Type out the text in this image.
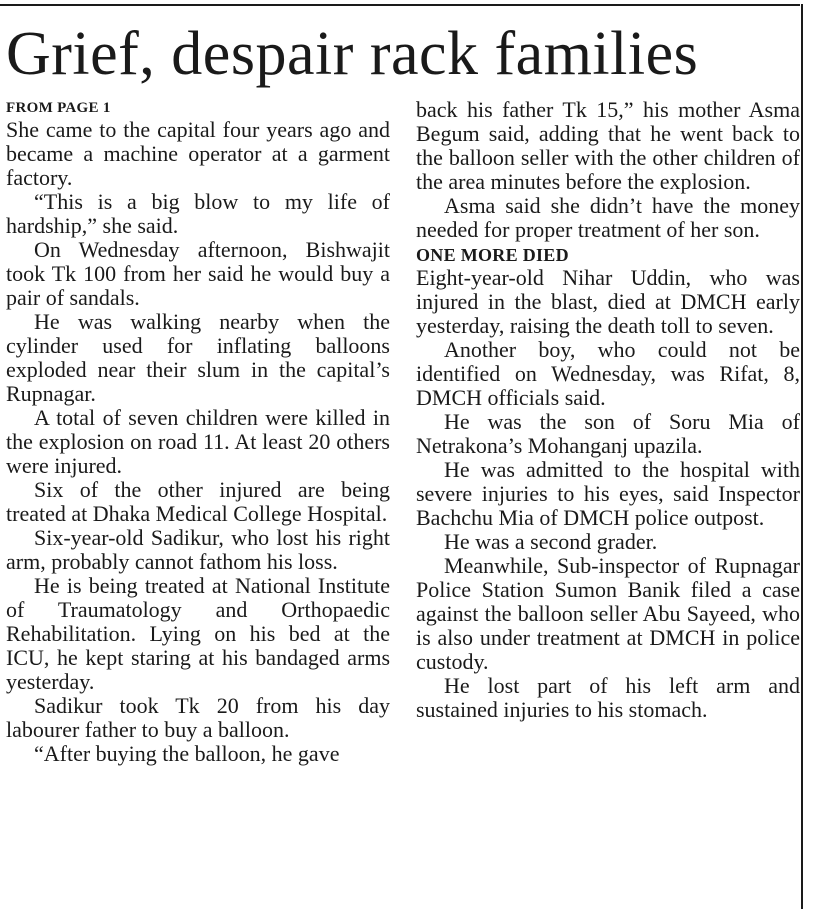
Grief, despair rack families
FROM PAGE 1

She came to the capital four years ago and became a machine operator at a garment factory.

“This is a big blow to my life of hardship,” she said.

On Wednesday afternoon, Bishwajit took Tk 100 from her said he would buy a pair of sandals.

He was walking nearby when the cylinder used for inflating balloons exploded near their slum in the capital’s Rupnagar.

A total of seven children were killed in the explosion on road 11. At least 20 others were injured.

Six of the other injured are being treated at Dhaka Medical College Hospital.

Six-year-old Sadikur, who lost his right arm, probably cannot fathom his loss.

He is being treated at National Institute of Traumatology and Orthopaedic Rehabilitation. Lying on his bed at the ICU, he kept staring at his bandaged arms yesterday.

Sadikur took Tk 20 from his day labourer father to buy a balloon.

“After buying the balloon, he gave

back his father Tk 15,” his mother Asma Begum said, adding that he went back to the balloon seller with the other children of the area minutes before the explosion.

Asma said she didn’t have the money needed for proper treatment of her son.

ONE MORE DIED

Eight-year-old Nihar Uddin, who was injured in the blast, died at DMCH early yesterday, raising the death toll to seven.

Another boy, who could not be identified on Wednesday, was Rifat, 8, DMCH officials said.

He was the son of Soru Mia of Netrakona’s Mohanganj upazila.

He was admitted to the hospital with severe injuries to his eyes, said Inspector Bachchu Mia of DMCH police outpost.

He was a second grader.

Meanwhile, Sub-inspector of Rupnagar Police Station Sumon Banik filed a case against the balloon seller Abu Sayeed, who is also under treatment at DMCH in police custody.

He lost part of his left arm and sustained injuries to his stomach.
